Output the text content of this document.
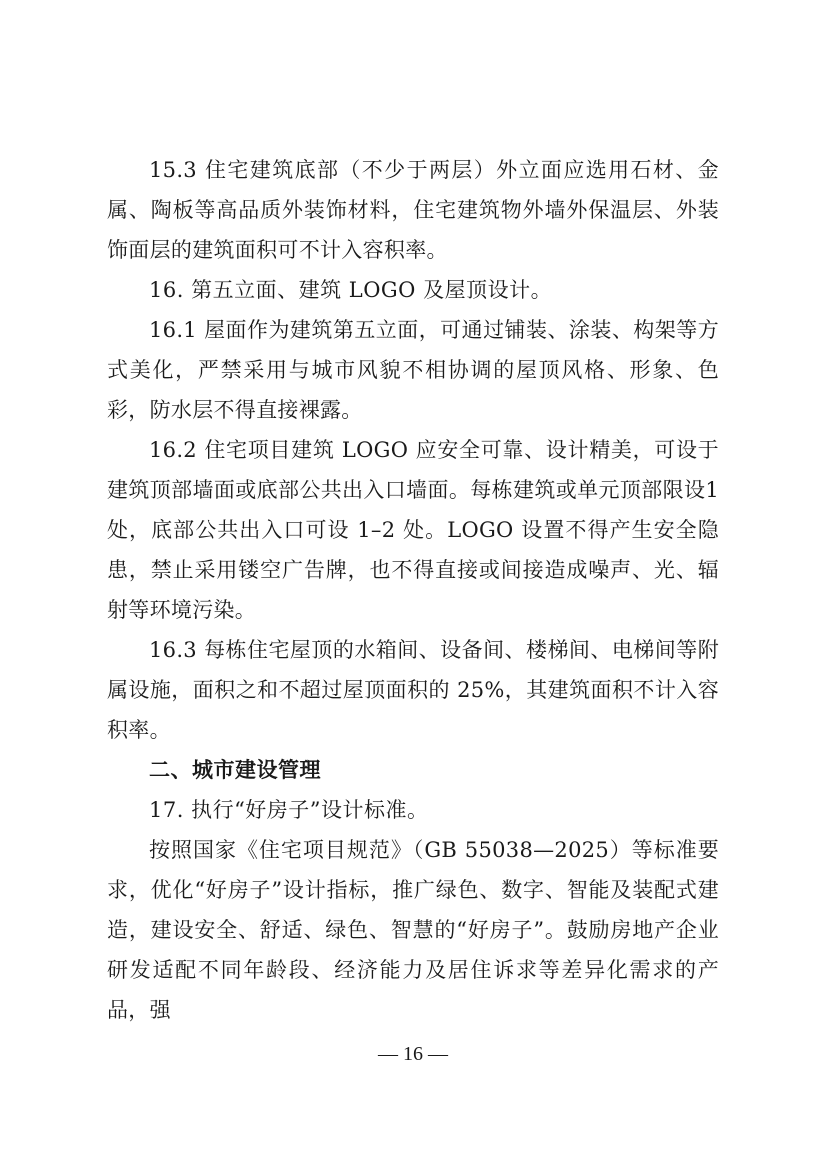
15.3 住宅建筑底部（不少于两层）外立面应选用石材、金属、陶板等高品质外装饰材料，住宅建筑物外墙外保温层、外装饰面层的建筑面积可不计入容积率。

16. 第五立面、建筑 LOGO 及屋顶设计。

16.1 屋面作为建筑第五立面，可通过铺装、涂装、构架等方式美化，严禁采用与城市风貌不相协调的屋顶风格、形象、色彩，防水层不得直接裸露。

16.2 住宅项目建筑 LOGO 应安全可靠、设计精美，可设于建筑顶部墙面或底部公共出入口墙面。每栋建筑或单元顶部限设1 处，底部公共出入口可设 1–2 处。LOGO 设置不得产生安全隐患，禁止采用镂空广告牌，也不得直接或间接造成噪声、光、辐射等环境污染。

16.3 每栋住宅屋顶的水箱间、设备间、楼梯间、电梯间等附属设施，面积之和不超过屋顶面积的 25%，其建筑面积不计入容积率。

二、城市建设管理

17. 执行“好房子”设计标准。

按照国家《住宅项目规范》（GB 55038—2025）等标准要求，优化“好房子”设计指标，推广绿色、数字、智能及装配式建造，建设安全、舒适、绿色、智慧的“好房子”。鼓励房地产企业研发适配不同年龄段、经济能力及居住诉求等差异化需求的产品，强

— 16 —
